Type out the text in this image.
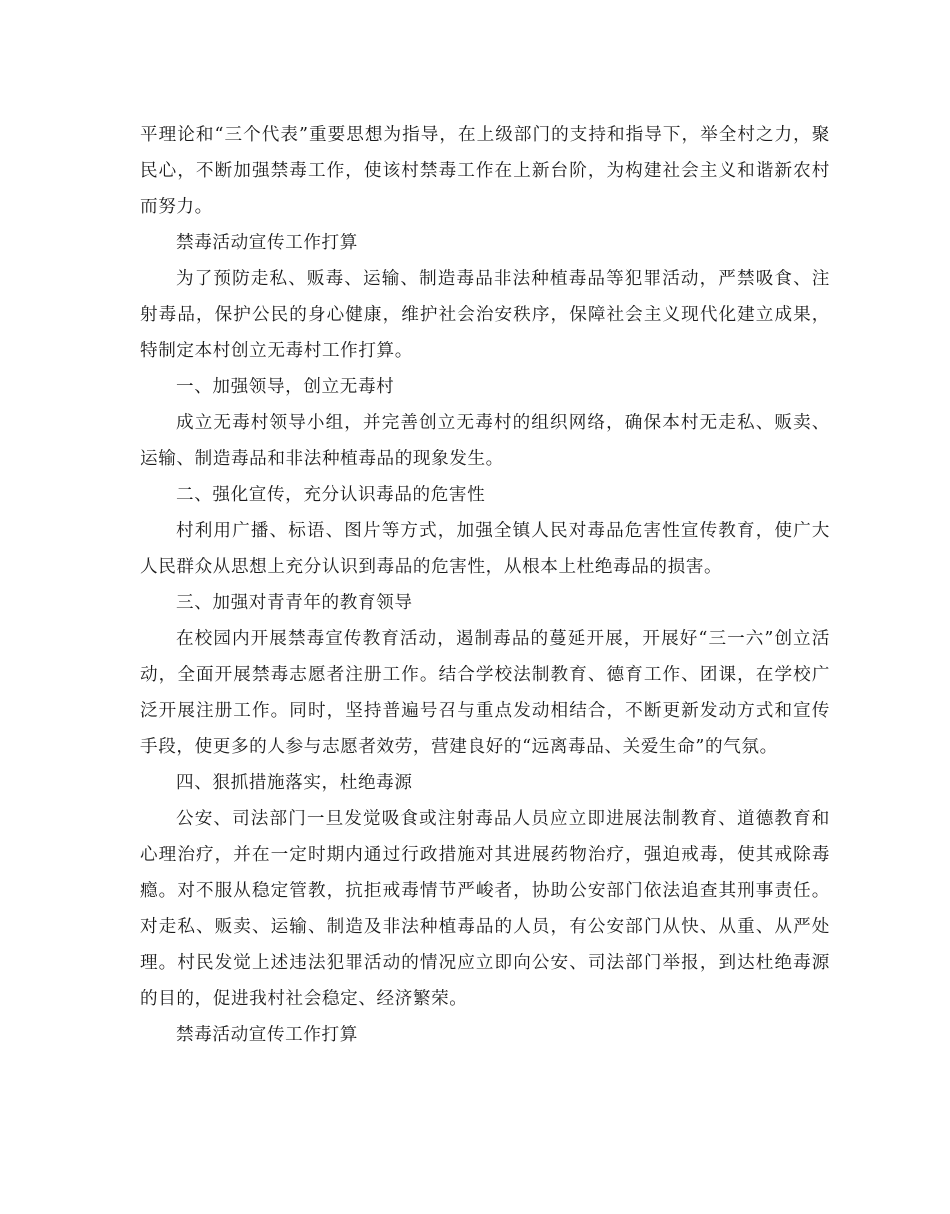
平理论和“三个代表”重要思想为指导，在上级部门的支持和指导下，举全村之力，聚民心，不断加强禁毒工作，使该村禁毒工作在上新台阶，为构建社会主义和谐新农村而努力。

禁毒活动宣传工作打算

为了预防走私、贩毒、运输、制造毒品非法种植毒品等犯罪活动，严禁吸食、注射毒品，保护公民的身心健康，维护社会治安秩序，保障社会主义现代化建立成果，特制定本村创立无毒村工作打算。

一、加强领导，创立无毒村

成立无毒村领导小组，并完善创立无毒村的组织网络，确保本村无走私、贩卖、运输、制造毒品和非法种植毒品的现象发生。

二、强化宣传，充分认识毒品的危害性

村利用广播、标语、图片等方式，加强全镇人民对毒品危害性宣传教育，使广大人民群众从思想上充分认识到毒品的危害性，从根本上杜绝毒品的损害。

三、加强对青青年的教育领导

在校园内开展禁毒宣传教育活动，遏制毒品的蔓延开展，开展好“三一六”创立活动，全面开展禁毒志愿者注册工作。结合学校法制教育、德育工作、团课，在学校广泛开展注册工作。同时，坚持普遍号召与重点发动相结合，不断更新发动方式和宣传手段，使更多的人参与志愿者效劳，营建良好的“远离毒品、关爱生命”的气氛。

四、狠抓措施落实，杜绝毒源

公安、司法部门一旦发觉吸食或注射毒品人员应立即进展法制教育、道德教育和心理治疗，并在一定时期内通过行政措施对其进展药物治疗，强迫戒毒，使其戒除毒瘾。对不服从稳定管教，抗拒戒毒情节严峻者，协助公安部门依法追查其刑事责任。对走私、贩卖、运输、制造及非法种植毒品的人员，有公安部门从快、从重、从严处理。村民发觉上述违法犯罪活动的情况应立即向公安、司法部门举报，到达杜绝毒源的目的，促进我村社会稳定、经济繁荣。

禁毒活动宣传工作打算
